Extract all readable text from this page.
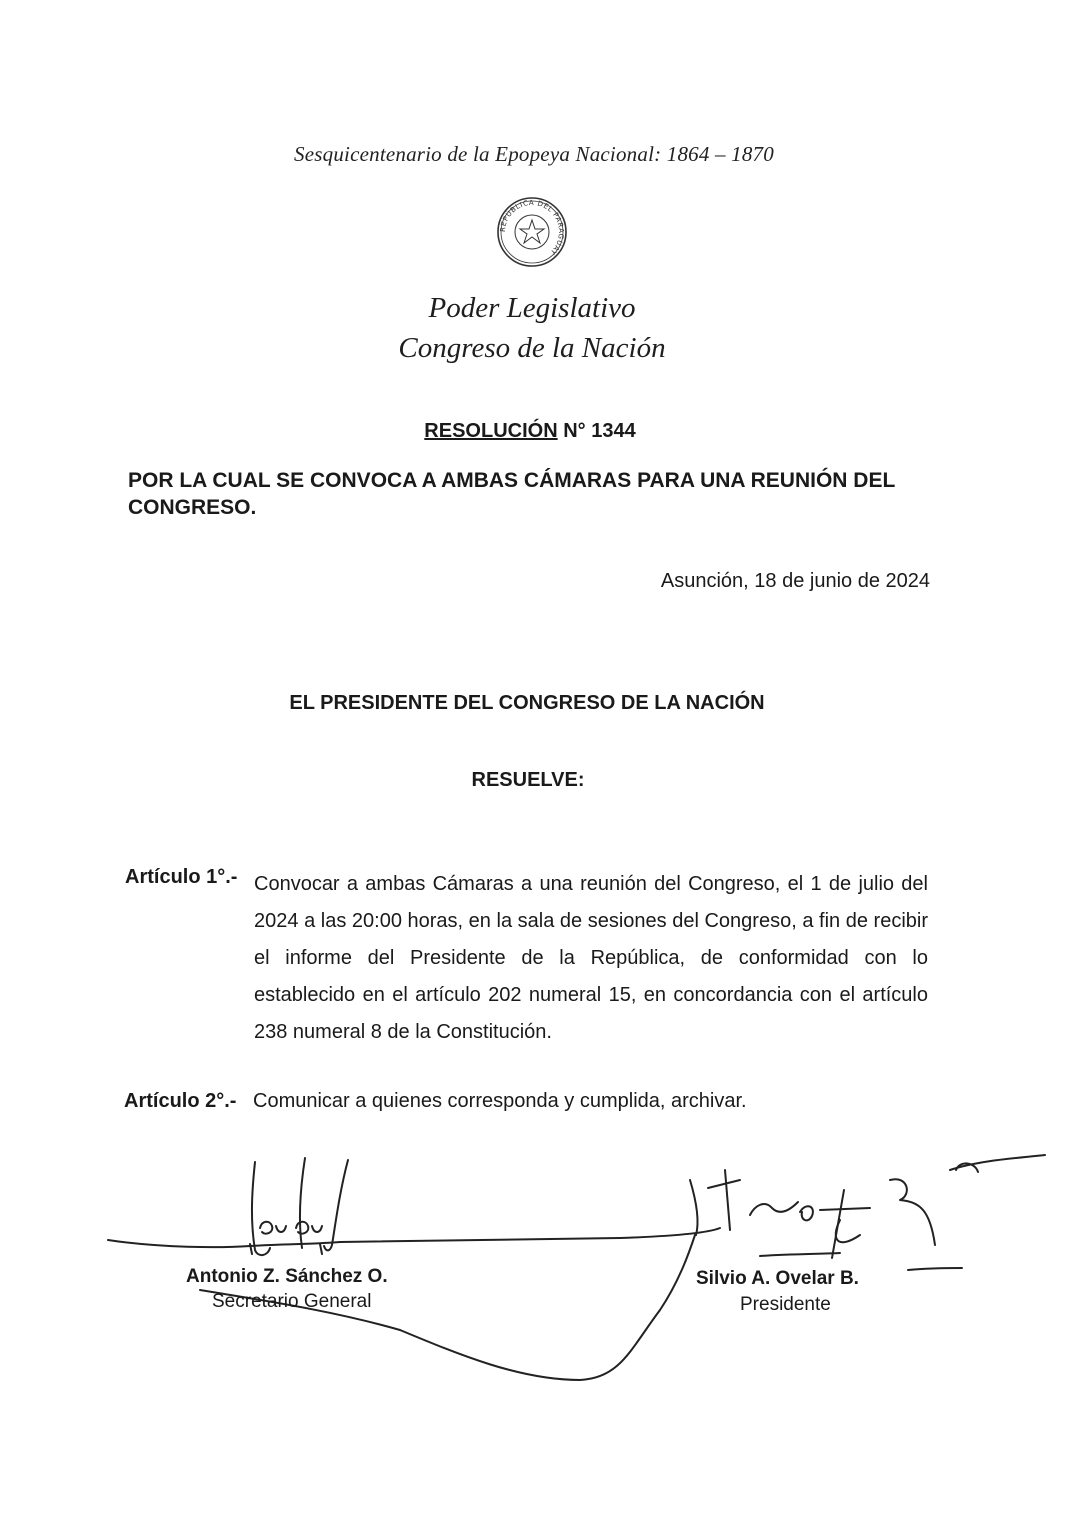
Sesquicentenario de la Epopeya Nacional: 1864 – 1870
REPÚBLICA DEL PARAGUAY
Poder Legislativo
Congreso de la Nación
RESOLUCIÓN N° 1344
POR LA CUAL SE CONVOCA A AMBAS CÁMARAS PARA UNA REUNIÓN DEL CONGRESO.
Asunción, 18 de junio de 2024
EL PRESIDENTE DEL CONGRESO DE LA NACIÓN
RESUELVE:
Artículo 1°.- Convocar a ambas Cámaras a una reunión del Congreso, el 1 de julio del 2024 a las 20:00 horas, en la sala de sesiones del Congreso, a fin de recibir el informe del Presidente de la República, de conformidad con lo establecido en el artículo 202 numeral 15, en concordancia con el artículo 238 numeral 8 de la Constitución.
Artículo 2°.- Comunicar a quienes corresponda y cumplida, archivar.
Antonio Z. Sánchez O.
Secretario General
Silvio A. Ovelar B.
Presidente
